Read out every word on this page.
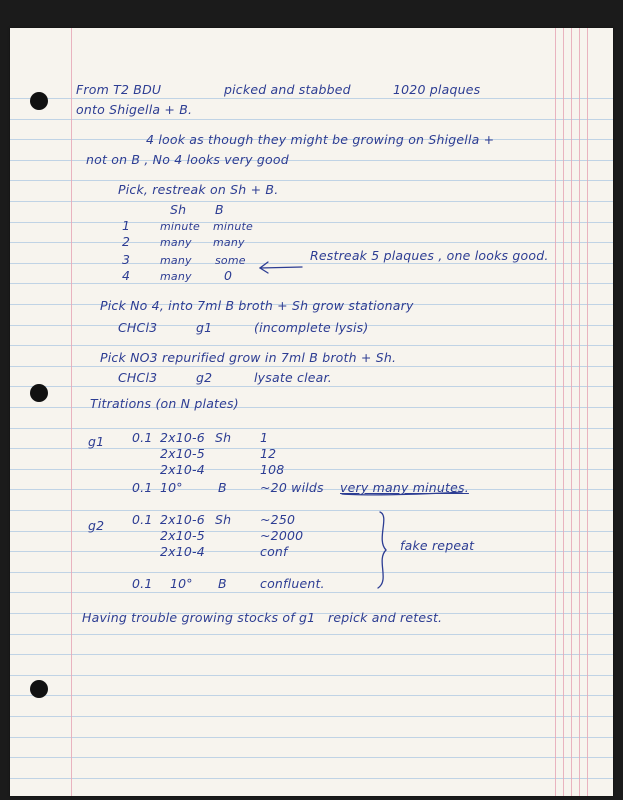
From T2 BDU	picked and stabbed	1020 plaques
onto Shigella + B.
4 look as though they might be growing on Shigella +
not on B , No 4 looks very good
Pick, restreak on Sh + B.
Sh B
1	minute minute
2	many many
3	many some
4	many	0
Restreak 5 plaques , one looks good.
Pick No 4, into 7ml B broth + Sh grow stationary
CHCl3	g1	(incomplete lysis)
Pick NO3 repurified grow in 7ml B broth + Sh.
CHCl3	g2	lysate clear.
Titrations (on N plates)
g1 0.1 2x10-6 Sh 1
2x10-5	12
2x10-4	108
0.1 10°	B	~20 wilds very many minutes.
g2 0.1 2x10-6 Sh ~250
2x10-5	~2000
2x10-4	conf
0.1 10° B	confluent.
fake repeat
Having trouble growing stocks of g1 repick and retest.
